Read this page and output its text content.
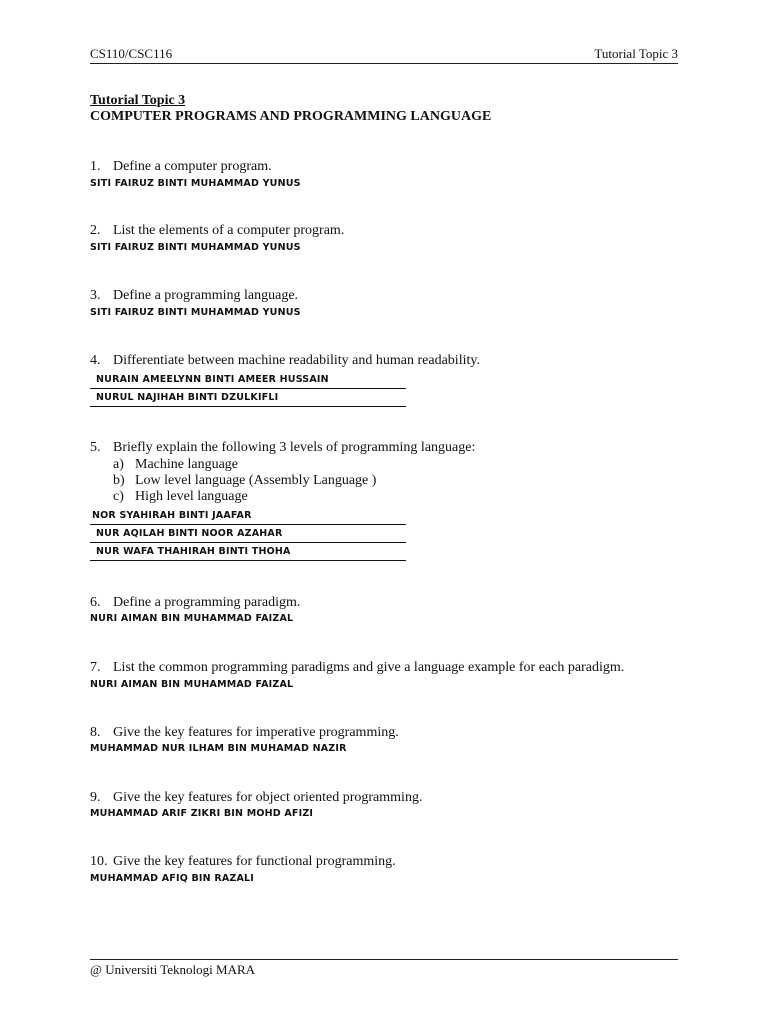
CS110/CSC116	Tutorial Topic 3
Tutorial Topic 3
COMPUTER PROGRAMS AND PROGRAMMING LANGUAGE
1. Define a computer program.
SITI FAIRUZ BINTI MUHAMMAD YUNUS
2. List the elements of a computer program.
SITI FAIRUZ BINTI MUHAMMAD YUNUS
3. Define a programming language.
SITI FAIRUZ BINTI MUHAMMAD YUNUS
4. Differentiate between machine readability and human readability.
NURAIN AMEELYNN BINTI AMEER HUSSAIN
NURUL NAJIHAH BINTI DZULKIFLI
5. Briefly explain the following 3 levels of programming language:
a) Machine language
b) Low level language (Assembly Language )
c) High level language
NOR SYAHIRAH BINTI JAAFAR
NUR AQILAH BINTI NOOR AZAHAR
NUR WAFA THAHIRAH BINTI THOHA
6. Define a programming paradigm.
NURI AIMAN BIN MUHAMMAD FAIZAL
7. List the common programming paradigms and give a language example for each paradigm.
NURI AIMAN BIN MUHAMMAD FAIZAL
8. Give the key features for imperative programming.
MUHAMMAD NUR ILHAM BIN MUHAMAD NAZIR
9. Give the key features for object oriented programming.
MUHAMMAD ARIF ZIKRI BIN MOHD AFIZI
10. Give the key features for functional programming.
MUHAMMAD AFIQ BIN RAZALI
@ Universiti Teknologi MARA
